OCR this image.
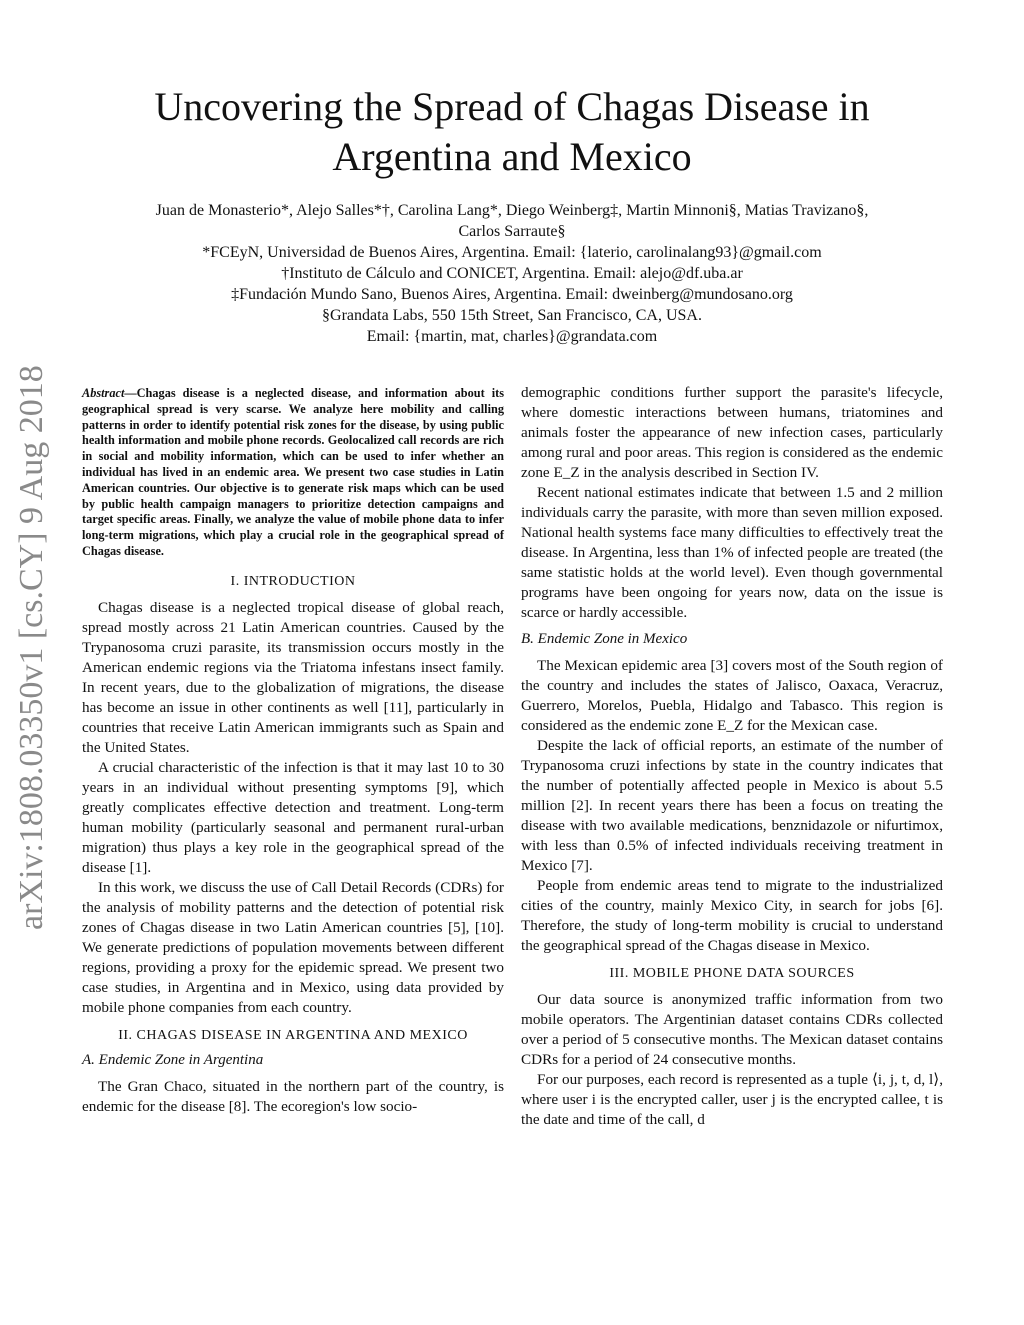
arXiv:1808.03350v1 [cs.CY] 9 Aug 2018
Uncovering the Spread of Chagas Disease in Argentina and Mexico
Juan de Monasterio*, Alejo Salles*†, Carolina Lang*, Diego Weinberg‡, Martin Minnoni§, Matias Travizano§,
Carlos Sarraute§
*FCEyN, Universidad de Buenos Aires, Argentina. Email: {laterio, carolinalang93}@gmail.com
†Instituto de Cálculo and CONICET, Argentina. Email: alejo@df.uba.ar
‡Fundación Mundo Sano, Buenos Aires, Argentina. Email: dweinberg@mundosano.org
§Grandata Labs, 550 15th Street, San Francisco, CA, USA.
Email: {martin, mat, charles}@grandata.com

Abstract—Chagas disease is a neglected disease, and information about its geographical spread is very scarse. We analyze here mobility and calling patterns in order to identify potential risk zones for the disease, by using public health information and mobile phone records. Geolocalized call records are rich in social and mobility information, which can be used to infer whether an individual has lived in an endemic area. We present two case studies in Latin American countries. Our objective is to generate risk maps which can be used by public health campaign managers to prioritize detection campaigns and target specific areas. Finally, we analyze the value of mobile phone data to infer long-term migrations, which play a crucial role in the geographical spread of Chagas disease.

I. INTRODUCTION

Chagas disease is a neglected tropical disease of global reach, spread mostly across 21 Latin American countries. Caused by the Trypanosoma cruzi parasite, its transmission occurs mostly in the American endemic regions via the Triatoma infestans insect family. In recent years, due to the globalization of migrations, the disease has become an issue in other continents as well [11], particularly in countries that receive Latin American immigrants such as Spain and the United States.

A crucial characteristic of the infection is that it may last 10 to 30 years in an individual without presenting symptoms [9], which greatly complicates effective detection and treatment. Long-term human mobility (particularly seasonal and permanent rural-urban migration) thus plays a key role in the geographical spread of the disease [1].

In this work, we discuss the use of Call Detail Records (CDRs) for the analysis of mobility patterns and the detection of potential risk zones of Chagas disease in two Latin American countries [5], [10]. We generate predictions of population movements between different regions, providing a proxy for the epidemic spread. We present two case studies, in Argentina and in Mexico, using data provided by mobile phone companies from each country.

II. CHAGAS DISEASE IN ARGENTINA AND MEXICO
A. Endemic Zone in Argentina

The Gran Chaco, situated in the northern part of the country, is endemic for the disease [8]. The ecoregion's low socio-

demographic conditions further support the parasite's lifecycle, where domestic interactions between humans, triatomines and animals foster the appearance of new infection cases, particularly among rural and poor areas. This region is considered as the endemic zone E_Z in the analysis described in Section IV.

Recent national estimates indicate that between 1.5 and 2 million individuals carry the parasite, with more than seven million exposed. National health systems face many difficulties to effectively treat the disease. In Argentina, less than 1% of infected people are treated (the same statistic holds at the world level). Even though governmental programs have been ongoing for years now, data on the issue is scarce or hardly accessible.

B. Endemic Zone in Mexico

The Mexican epidemic area [3] covers most of the South region of the country and includes the states of Jalisco, Oaxaca, Veracruz, Guerrero, Morelos, Puebla, Hidalgo and Tabasco. This region is considered as the endemic zone E_Z for the Mexican case.

Despite the lack of official reports, an estimate of the number of Trypanosoma cruzi infections by state in the country indicates that the number of potentially affected people in Mexico is about 5.5 million [2]. In recent years there has been a focus on treating the disease with two available medications, benznidazole or nifurtimox, with less than 0.5% of infected individuals receiving treatment in Mexico [7].

People from endemic areas tend to migrate to the industrialized cities of the country, mainly Mexico City, in search for jobs [6]. Therefore, the study of long-term mobility is crucial to understand the geographical spread of the Chagas disease in Mexico.

III. MOBILE PHONE DATA SOURCES

Our data source is anonymized traffic information from two mobile operators. The Argentinian dataset contains CDRs collected over a period of 5 consecutive months. The Mexican dataset contains CDRs for a period of 24 consecutive months.

For our purposes, each record is represented as a tuple ⟨i, j, t, d, l⟩, where user i is the encrypted caller, user j is the encrypted callee, t is the date and time of the call, d
